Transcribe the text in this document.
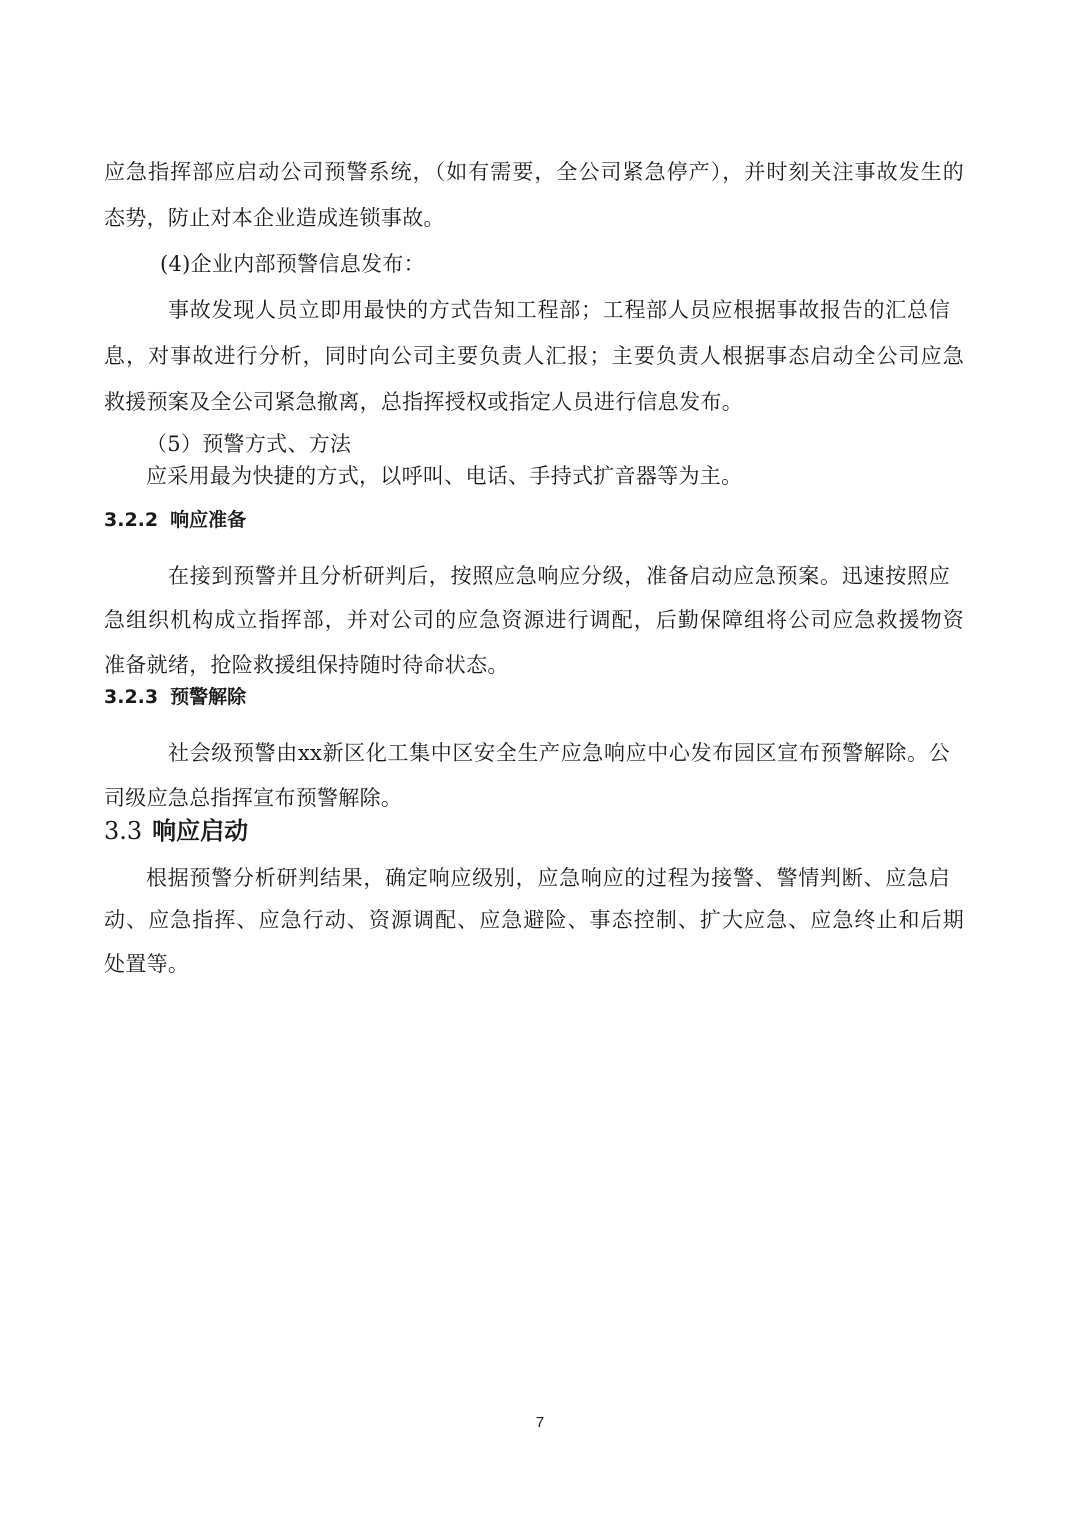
应急指挥部应启动公司预警系统，（如有需要，全公司紧急停产），并时刻关注事故发生的
态势，防止对本企业造成连锁事故。
(4)企业内部预警信息发布：
事故发现人员立即用最快的方式告知工程部；工程部人员应根据事故报告的汇总信
息，对事故进行分析，同时向公司主要负责人汇报；主要负责人根据事态启动全公司应急
救援预案及全公司紧急撤离，总指挥授权或指定人员进行信息发布。
（5）预警方式、方法
应采用最为快捷的方式，以呼叫、电话、手持式扩音器等为主。
3.2.2 响应准备
在接到预警并且分析研判后，按照应急响应分级，准备启动应急预案。迅速按照应
急组织机构成立指挥部，并对公司的应急资源进行调配，后勤保障组将公司应急救援物资
准备就绪，抢险救援组保持随时待命状态。
3.2.3 预警解除
社会级预警由xx新区化工集中区安全生产应急响应中心发布园区宣布预警解除。公
司级应急总指挥宣布预警解除。
3.3 响应启动
根据预警分析研判结果，确定响应级别，应急响应的过程为接警、警情判断、应急启
动、应急指挥、应急行动、资源调配、应急避险、事态控制、扩大应急、应急终止和后期
处置等。
7
